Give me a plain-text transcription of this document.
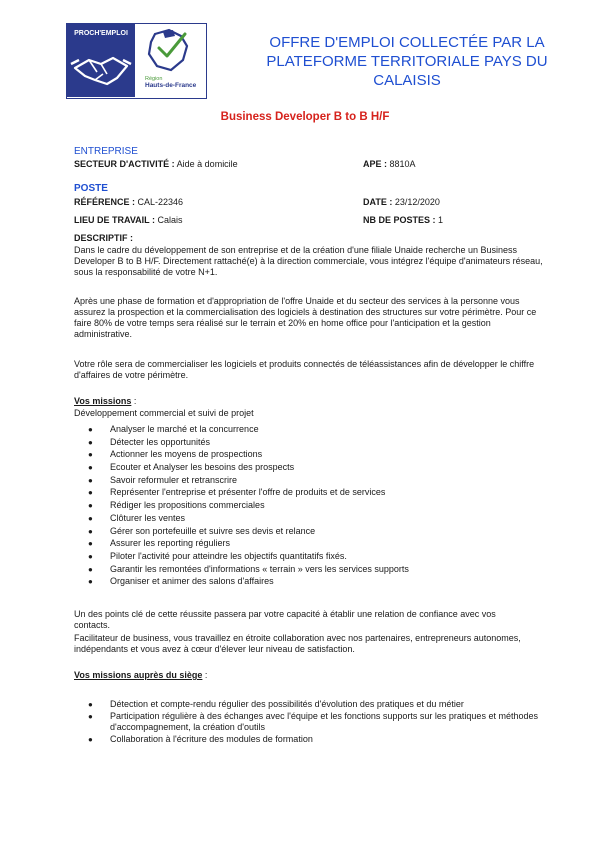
PROCH'EMPLOI
Région
Hauts-de-France
OFFRE D'EMPLOI COLLECTÉE PAR LA PLATEFORME TERRITORIALE PAYS DU CALAISIS
Business Developer B to B H/F
ENTREPRISE
SECTEUR D'ACTIVITÉ : Aide à domicile	APE : 8810A
POSTE
RÉFÉRENCE : CAL-22346	DATE : 23/12/2020
LIEU DE TRAVAIL : Calais	NB DE POSTES : 1
DESCRIPTIF :
Dans le cadre du développement de son entreprise et de la création d'une filiale Unaide recherche un Business Developer B to B H/F. Directement rattaché(e) à la direction commerciale, vous intégrez l'équipe d'animateurs réseau, sous la responsabilité de votre N+1.
Après une phase de formation et d'appropriation de l'offre Unaide et du secteur des services à la personne vous assurez la prospection et la commercialisation des logiciels à destination des structures sur votre périmètre. Pour ce faire 80% de votre temps sera réalisé sur le terrain et 20% en home office pour l'anticipation et la gestion administrative.
Votre rôle sera de commercialiser les logiciels et produits connectés de téléassistances afin de développer le chiffre d'affaires de votre périmètre.
Vos missions :
Développement commercial et suivi de projet
● Analyser le marché et la concurrence
● Détecter les opportunités
● Actionner les moyens de prospections
● Ecouter et Analyser les besoins des prospects
● Savoir reformuler et retranscrire
● Représenter l'entreprise et présenter l'offre de produits et de services
● Rédiger les propositions commerciales
● Clôturer les ventes
● Gérer son portefeuille et suivre ses devis et relance
● Assurer les reporting réguliers
● Piloter l'activité pour atteindre les objectifs quantitatifs fixés.
● Garantir les remontées d'informations « terrain » vers les services supports
● Organiser et animer des salons d'affaires
Un des points clé de cette réussite passera par votre capacité à établir une relation de confiance avec vos contacts.
Facilitateur de business, vous travaillez en étroite collaboration avec nos partenaires, entrepreneurs autonomes, indépendants et vous avez à cœur d'élever leur niveau de satisfaction.
Vos missions auprès du siège :
● Détection et compte-rendu régulier des possibilités d'évolution des pratiques et du métier
● Participation régulière à des échanges avec l'équipe et les fonctions supports sur les pratiques et méthodes d'accompagnement, la création d'outils
● Collaboration à l'écriture des modules de formation
